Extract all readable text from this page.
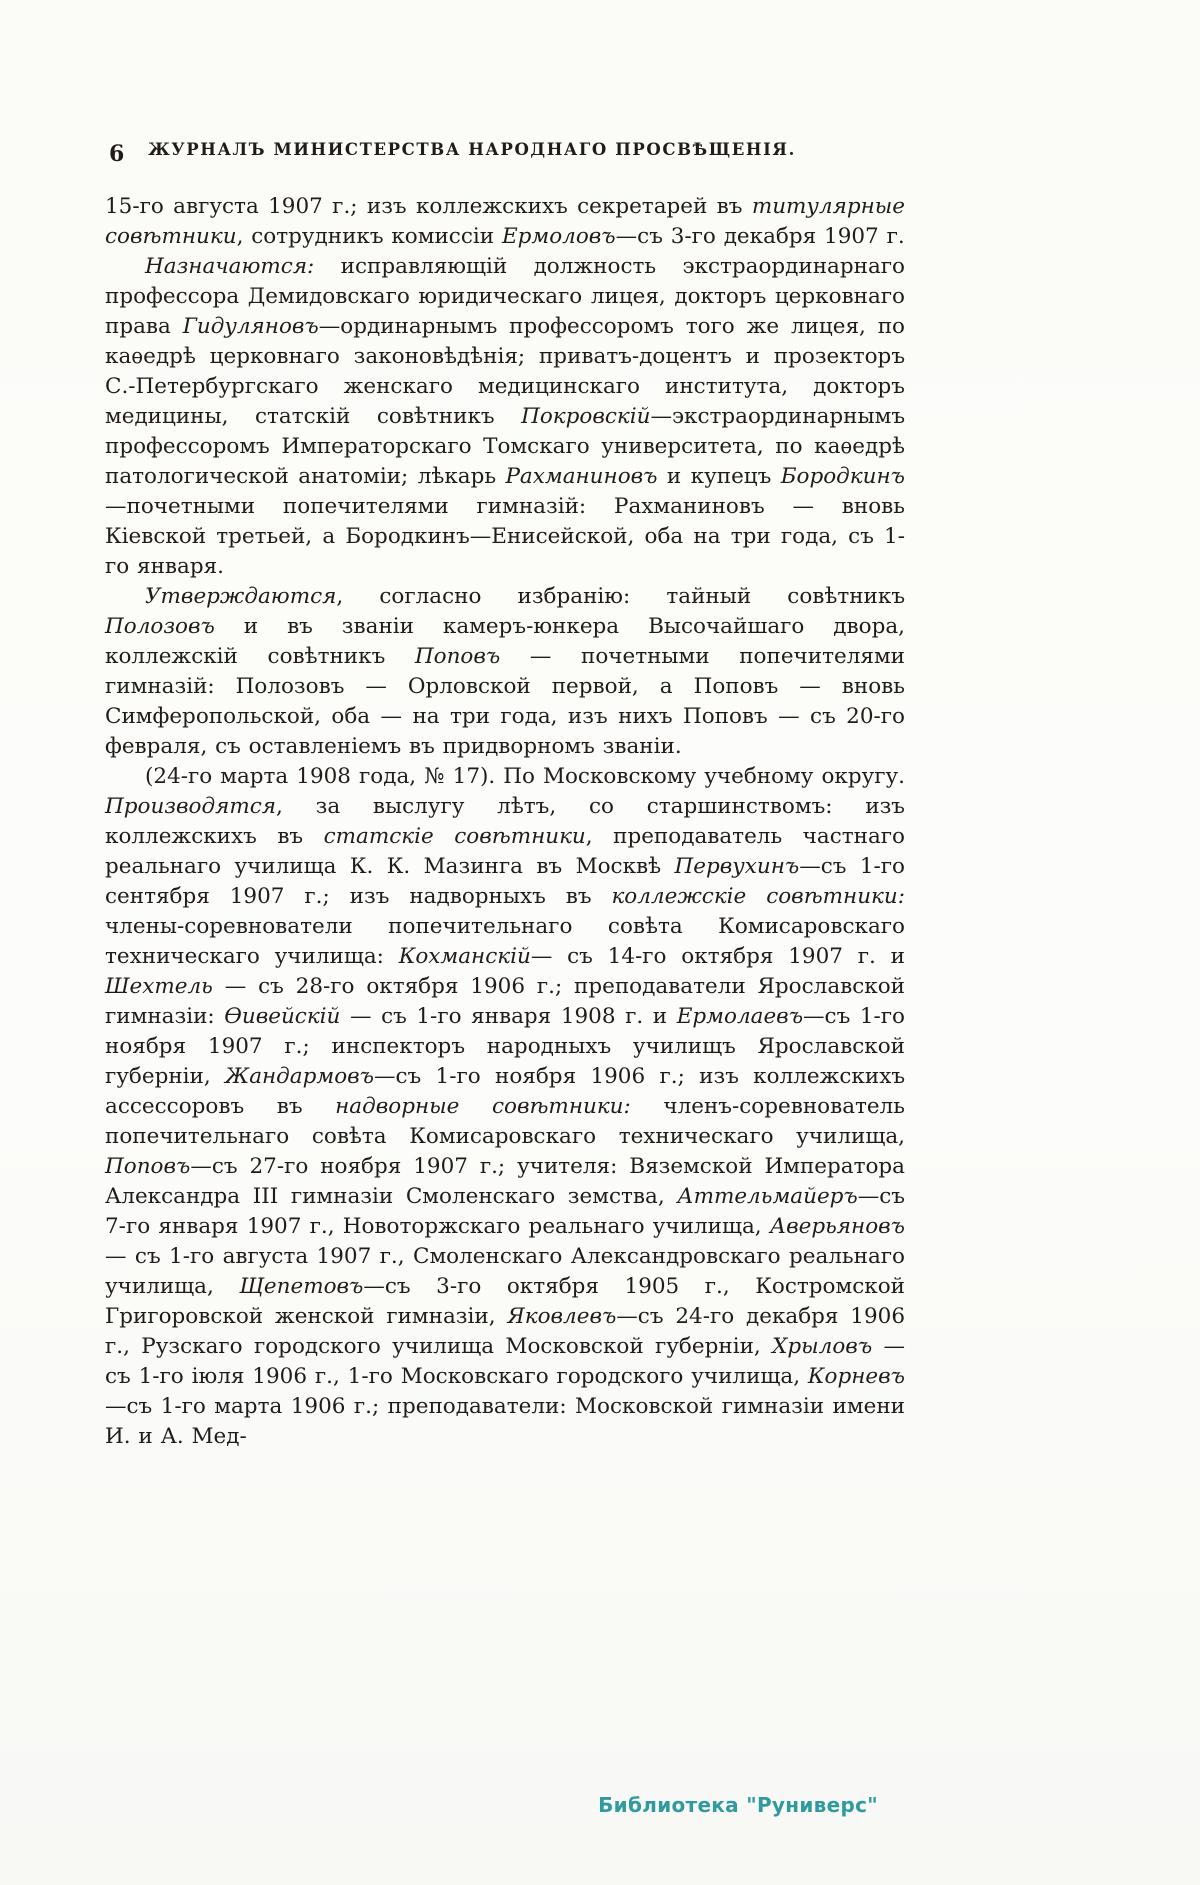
6	ЖУРНАЛЪ МИНИСТЕРСТВА НАРОДНАГО ПРОСВѢЩЕНІЯ.

15-го августа 1907 г.; изъ коллежскихъ секретарей въ титулярные совѣтники, сотрудникъ комиссіи Ермоловъ—съ 3-го декабря 1907 г.

Назначаются: исправляющій должность экстраординарнаго профессора Демидовскаго юридическаго лицея, докторъ церковнаго права Гидуляновъ—ординарнымъ профессоромъ того же лицея, по каѳедрѣ церковнаго законовѣдѣнія; приватъ-доцентъ и прозекторъ С.-Петербургскаго женскаго медицинскаго института, докторъ медицины, статскій совѣтникъ Покровскій—экстраординарнымъ профессоромъ Императорскаго Томскаго университета, по каѳедрѣ патологической анатоміи; лѣкарь Рахманиновъ и купецъ Бородкинъ—почетными попечителями гимназій: Рахманиновъ — вновь Кіевской третьей, а Бородкинъ—Енисейской, оба на три года, съ 1-го января.

Утверждаются, согласно избранію: тайный совѣтникъ Полозовъ и въ званіи камеръ-юнкера Высочайшаго двора, коллежскій совѣтникъ Поповъ — почетными попечителями гимназій: Полозовъ — Орловской первой, а Поповъ — вновь Симферопольской, оба — на три года, изъ нихъ Поповъ — съ 20-го февраля, съ оставленіемъ въ придворномъ званіи.

(24-го марта 1908 года, № 17). По Московскому учебному округу. Производятся, за выслугу лѣтъ, со старшинствомъ: изъ коллежскихъ въ статскіе совѣтники, преподаватель частнаго реальнаго училища К. К. Мазинга въ Москвѣ Первухинъ—съ 1-го сентября 1907 г.; изъ надворныхъ въ коллежскіе совѣтники: члены-соревнователи попечительнаго совѣта Комисаровскаго техническаго училища: Кохманскій— съ 14-го октября 1907 г. и Шехтель — съ 28-го октября 1906 г.; преподаватели Ярославской гимназіи: Ѳивейскій — съ 1-го января 1908 г. и Ермолаевъ—съ 1-го ноября 1907 г.; инспекторъ народныхъ училищъ Ярославской губерніи, Жандармовъ—съ 1-го ноября 1906 г.; изъ коллежскихъ ассессоровъ въ надворные совѣтники: членъ-соревнователь попечительнаго совѣта Комисаровскаго техническаго училища, Поповъ—съ 27-го ноября 1907 г.; учителя: Вяземской Императора Александра III гимназіи Смоленскаго земства, Аттельмайеръ—съ 7-го января 1907 г., Новоторжскаго реальнаго училища, Аверьяновъ — съ 1-го августа 1907 г., Смоленскаго Александровскаго реальнаго училища, Щепетовъ—съ 3-го октября 1905 г., Костромской Григоровской женской гимназіи, Яковлевъ—съ 24-го декабря 1906 г., Рузскаго городского училища Московской губерніи, Хрыловъ — съ 1-го іюля 1906 г., 1-го Московскаго городского училища, Корневъ—съ 1-го марта 1906 г.; преподаватели: Московской гимназіи имени И. и А. Мед-

Библиотека "Руниверс"
